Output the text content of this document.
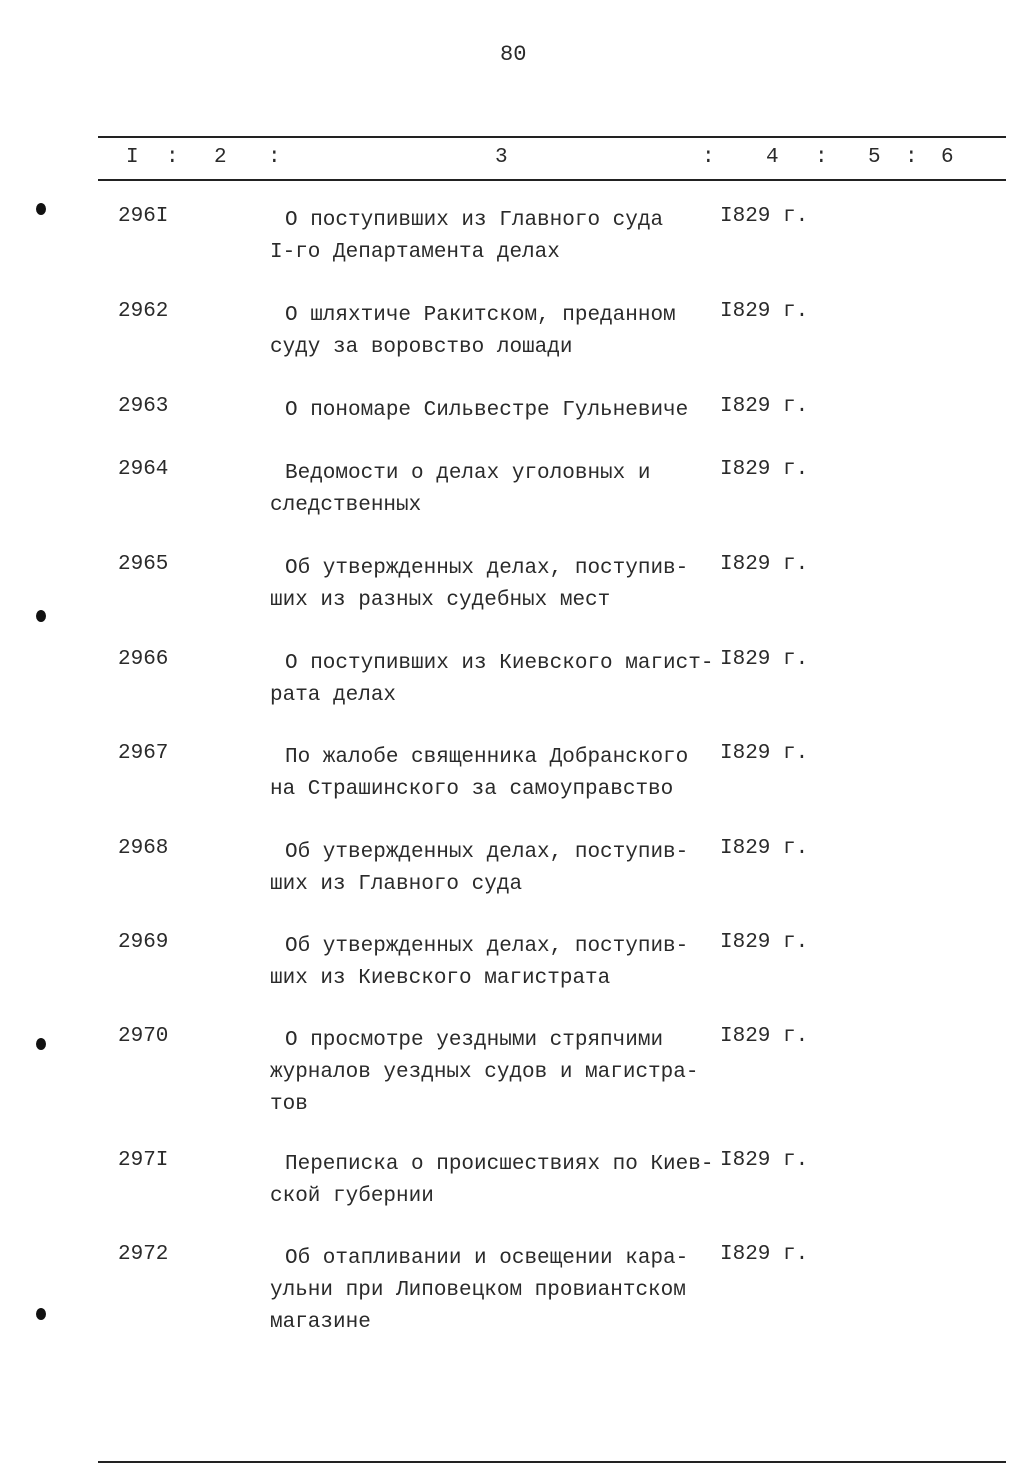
80
I : 2 :	3	: 4 : 5 : 6
296I	О поступивших из Главного суда
I-го Департамента делах
I829 г.
2962	О шляхтиче Ракитском, преданном
суду за воровство лошади
I829 г.
2963	О пономаре Сильвестре Гульневиче I829 г.
2964	Ведомости о делах уголовных и
следственных
I829 г.
2965	Об утвержденных делах, поступив-
ших из разных судебных мест
I829 г.
2966	О поступивших из Киевского магист-
рата делах
I829 г.
2967	По жалобе священника Добранского
на Страшинского за самоуправство
I829 г.
2968	Об утвержденных делах, поступив-
ших из Главного суда
I829 г.
2969	Об утвержденных делах, поступив-
ших из Киевского магистрата
I829 г.
2970	О просмотре уездными стряпчими
журналов уездных судов и магистра-
тов
I829 г.
297I	Переписка о происшествиях по Киев-
ской губернии
I829 г.
2972	Об отапливании и освещении кара-
ульни при Липовецком провиантском
магазине
I829 г.
